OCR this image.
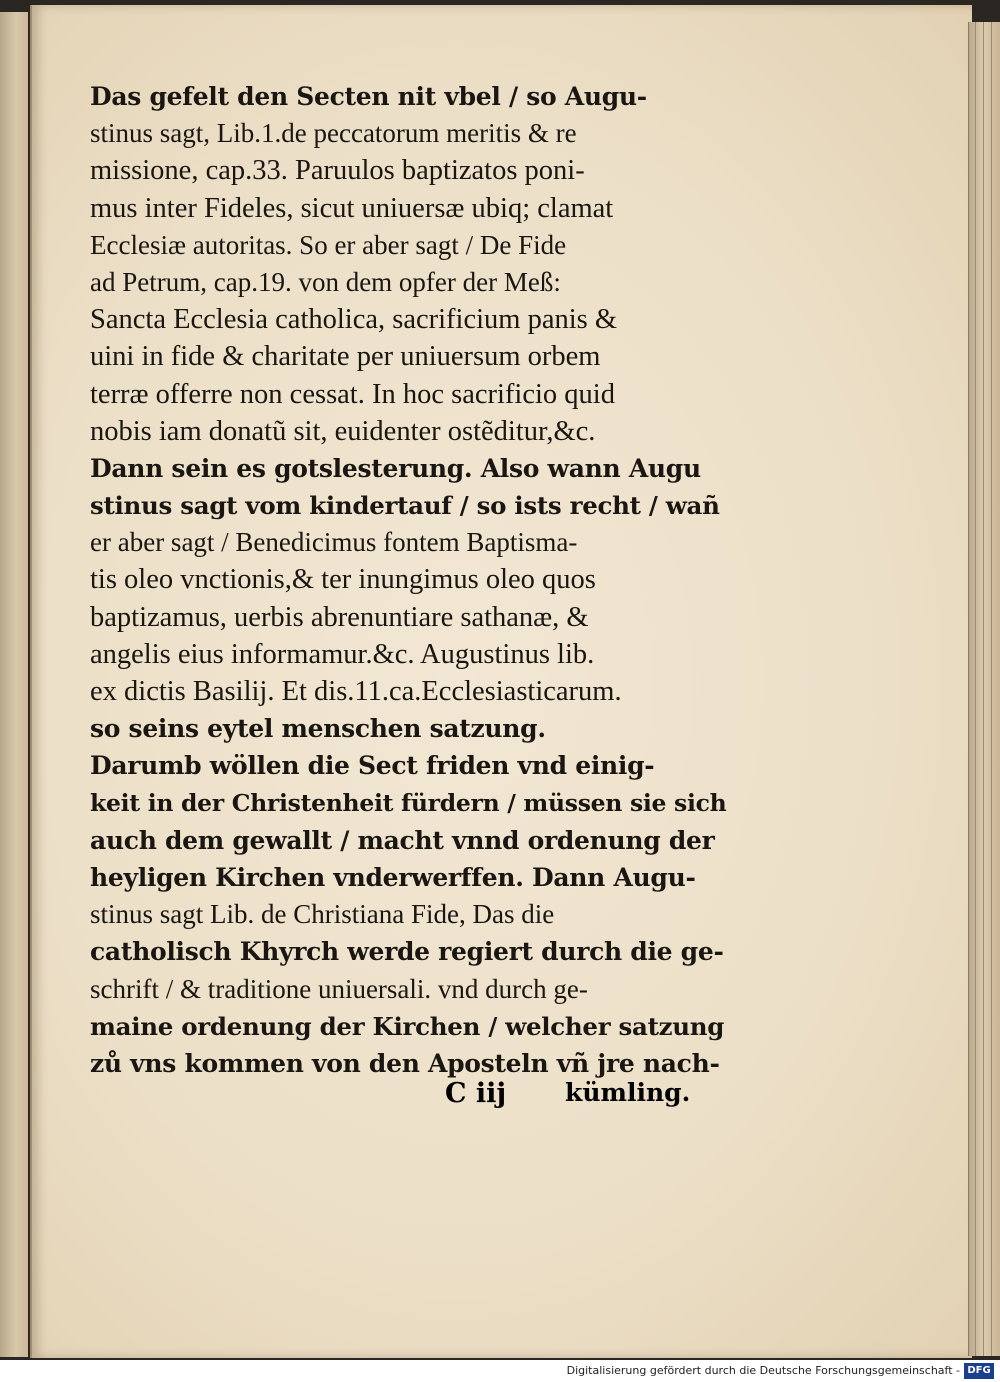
Das gefelt den Secten nit vbel / so Augu-
stinus sagt, Lib.1.de peccatorum meritis & re
missione, cap.33. Paruulos baptizatos poni-
mus inter Fideles, sicut uniuersæ ubiq; clamat
Ecclesiæ autoritas. So er aber sagt / De Fide
ad Petrum, cap.19. von dem opfer der Meß:
Sancta Ecclesia catholica, sacrificium panis &
uini in fide & charitate per uniuersum orbem
terræ offerre non cessat. In hoc sacrificio quid
nobis iam donatũ sit, euidenter ostẽditur,&c.
Dann sein es gotslesterung. Also wann Augu
stinus sagt vom kindertauf / so ists recht / wañ
er aber sagt / Benedicimus fontem Baptisma-
tis oleo vnctionis,& ter inungimus oleo quos
baptizamus, uerbis abrenuntiare sathanæ, &
angelis eius informamur.&c. Augustinus lib.
ex dictis Basilij. Et dis.11.ca.Ecclesiasticarum.
so seins eytel menschen satzung.
Darumb wöllen die Sect friden vnd einig-
keit in der Christenheit fürdern / müssen sie sich
auch dem gewallt / macht vnnd ordenung der
heyligen Kirchen vnderwerffen. Dann Augu-
stinus sagt Lib. de Christiana Fide, Das die
catholisch Khyrch werde regiert durch die ge-
schrift / & traditione uniuersali. vnd durch ge-
maine ordenung der Kirchen / welcher satzung
zů vns kommen von den Aposteln vñ jre nach-
C iij kümling.
Digitalisierung gefördert durch die Deutsche Forschungsgemeinschaft - DFG
